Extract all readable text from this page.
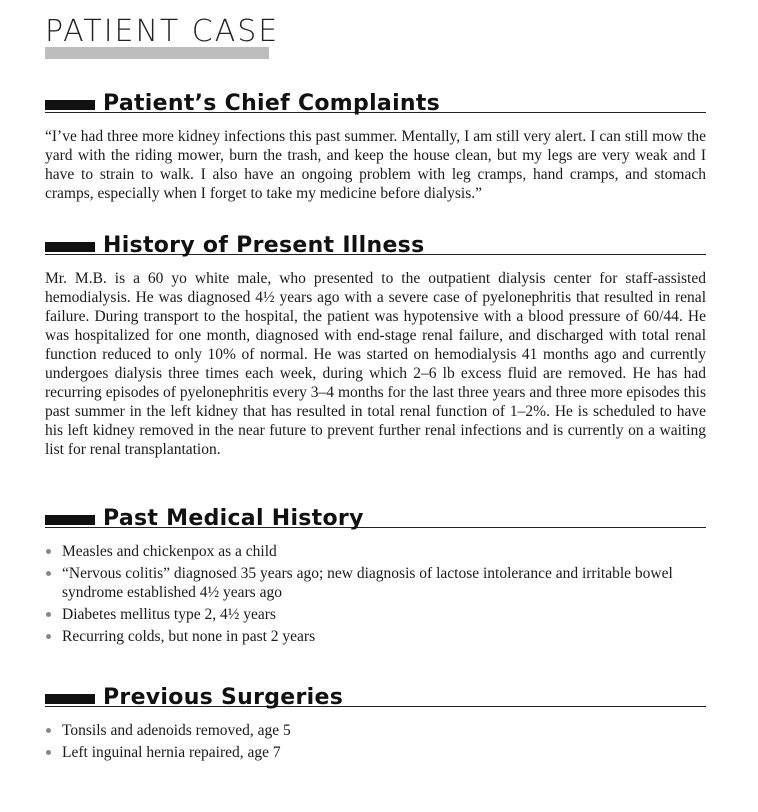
PATIENT CASE
Patient’s Chief Complaints

“I’ve had three more kidney infections this past summer. Mentally, I am still very alert. I can still mow the yard with the riding mower, burn the trash, and keep the house clean, but my legs are very weak and I have to strain to walk. I also have an ongoing problem with leg cramps, hand cramps, and stomach cramps, especially when I forget to take my medicine before dialysis.”

History of Present Illness

Mr. M.B. is a 60 yo white male, who presented to the outpatient dialysis center for staff-assisted hemodialysis. He was diagnosed 4½ years ago with a severe case of pyelonephritis that resulted in renal failure. During transport to the hospital, the patient was hypotensive with a blood pressure of 60/44. He was hospitalized for one month, diagnosed with end-stage renal failure, and discharged with total renal function reduced to only 10% of normal. He was started on hemodialysis 41 months ago and currently undergoes dialysis three times each week, during which 2–6 lb excess fluid are removed. He has had recurring episodes of pyelonephritis every 3–4 months for the last three years and three more episodes this past summer in the left kidney that has resulted in total renal function of 1–2%. He is scheduled to have his left kidney removed in the near future to prevent further renal infections and is currently on a waiting list for renal transplantation.

Past Medical History
Measles and chickenpox as a child
“Nervous colitis” diagnosed 35 years ago; new diagnosis of lactose intolerance and irritable bowel syndrome established 4½ years ago
Diabetes mellitus type 2, 4½ years
Recurring colds, but none in past 2 years
Previous Surgeries
Tonsils and adenoids removed, age 5
Left inguinal hernia repaired, age 7
